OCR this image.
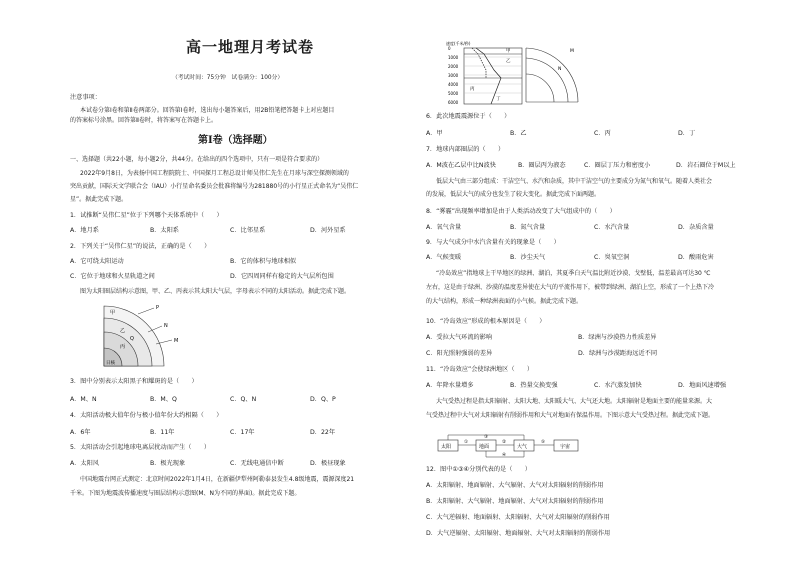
高一地理月考试卷
（考试时间：75分钟　试卷满分：100分）
注意事项：
本试卷分第Ⅰ卷和第Ⅱ卷两部分。回答第Ⅰ卷时，选出每小题答案后，用2B铅笔把答题卡上对应题目
的答案标号涂黑。回答第Ⅱ卷时，将答案写在答题卡上。
第Ⅰ卷（选择题）
一、选择题（共22小题，每小题2分，共44分。在给出的四个选项中，只有一项是符合要求的）
2022年9月8日，为表扬中国工程院院士、中国探月工程总设计师吴伟仁先生在月球与深空探测领域的
突出贡献，国际天文学联合会（IAU）小行星命名委员会批准将编号为281880号的小行星正式命名为“吴伟仁
星”。据此完成下题。
1．试推断“吴伟仁星”位于下列哪个天体系统中（　　）
A．地月系	B．太阳系	C．比邻星系	D．河外星系
2．下列关于“吴伟仁星”的说法，正确的是（　　）
A．它可绕太阳运动	B．它的体积与地球相似
C．它位于地球和火星轨道之间	D．它四周同样有稳定的大气层所包围
图为太阳圈层结构示意图，甲、乙、丙表示其太阳大气层，字母表示不同的太阳活动。据此完成下题。
甲
乙
丙
P
N
M
Q
日核
3．图中分别表示太阳黑子和耀斑的是（　　）
A．M、N	B．M、Q	C．Q、N	D．Q、P
4．太阳活动极大值年份与极小值年份大约相隔（　　）
A．6年	B．11年	C．17年	D．22年
5．太阳活动会引起地球电离层扰动而产生（　　）
A．太阳风	B．极光现象	C．无线电通信中断	D．极昼现象
中国地震台网正式测定：北京时间2022年1月4日，在新疆伊犁州阿勒泰县发生4.8级地震，震源深度21
千米。下图为地震波传播速度与圈层结构示意图(M、N为不同的界面)。据此完成下题。
速度(千米/秒)
0
1000
2000
3000
4000
5000
6000
乙
丙
甲
丁
M
N
6．此次地震震源位于（　　）
A．甲	B．乙	C．丙	D．丁
7．地球内部圈层的（　　）
A．M波在乙层中比N波快	B．圈层丙为液态	C．圈层丁压力和密度小	D．岩石圈位于M以上
低层大气由三部分组成：干洁空气、水汽和杂质，其中干洁空气的主要成分为氮气和氧气。随着人类社会
的发展，低层大气的成分也发生了较大变化。据此完成下面两题。
8．“雾霾”出现频率增加是由于人类活动改变了大气组成中的（　　）
A．氧气含量	B．氮气含量	C．水汽含量	D．杂质含量
9．与大气成分中水汽含量有关的现象是（　　）
A．气候变暖	B．沙尘天气	C．臭氧空洞	D．酸雨危害
“冷岛效应”指地球上干旱地区的绿洲、湖泊，其夏季白天气温比附近沙漠、戈壁低，温差最高可达30 ℃
左右，这是由于绿洲、沙漠的温度差异使在大气的平流作用下，被带到绿洲、湖泊上空，形成了一个上热下冷
的大气结构，形成一种绿洲表面的小气候。据此完成下题。
10．“冷岛效应”形成的根本原因是（　　）
A．受拉大气环流的影响	B．绿洲与沙漠热力性质差异
C．阳光照射强弱的差异	D．绿洲与沙漠距海远近不同
11．“冷岛效应”会使绿洲地区（　　）
A．年降水量增多	B．热量交换变强	C．水汽蒸发加快	D．地面风速增强
大气受热过程是指太阳辐射、太阳大地、太阳暖大气、大气还大地。太阳辐射是地面主要的能量来源。大
气受热过程中大气对太阳辐射有削弱作用和大气对地面有保温作用。下图示意大气受热过程。据此完成下题。
太阳	地面	大气	宇宙
①	②
③
④
⑤
12．图中①③④分别代表的是（　　）
A．太阳辐射、地面辐射、大气辐射、大气对太阳辐射的削弱作用
B．太阳辐射、大气辐射、地面辐射、大气对太阳辐射的削弱作用
C．大气逆辐射、地面辐射、太阳辐射、大气对太阳辐射的削弱作用
D．大气逆辐射、太阳辐射、地面辐射、大气对太阳辐射的削弱作用
